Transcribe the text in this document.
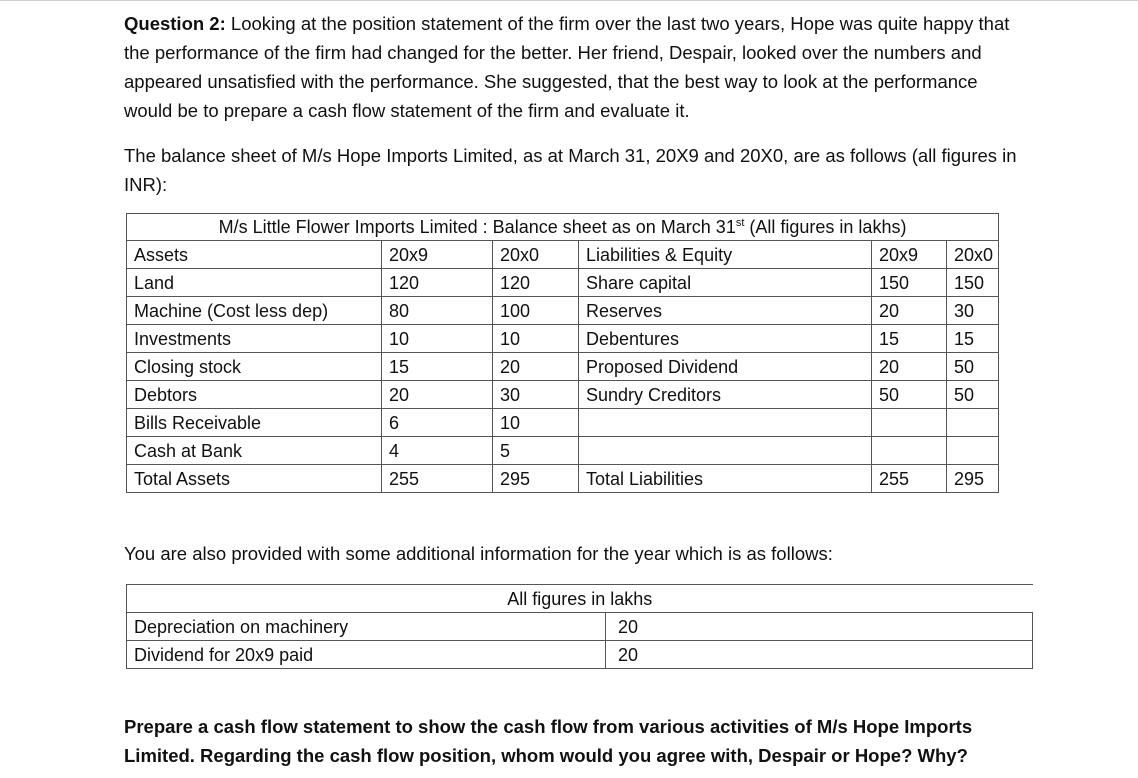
Question 2: Looking at the position statement of the firm over the last two years, Hope was quite happy that the performance of the firm had changed for the better. Her friend, Despair, looked over the numbers and appeared unsatisfied with the performance. She suggested, that the best way to look at the performance would be to prepare a cash flow statement of the firm and evaluate it.

The balance sheet of M/s Hope Imports Limited, as at March 31, 20X9 and 20X0, are as follows (all figures in INR):

M/s Little Flower Imports Limited : Balance sheet as on March 31st (All figures in lakhs)					
Assets	20x9	20x0	Liabilities & Equity	20x9	20x0
Land	120	120	Share capital	150	150
Machine (Cost less dep)	80	100	Reserves	20	30
Investments	10	10	Debentures	15	15
Closing stock	15	20	Proposed Dividend	20	50
Debtors	20	30	Sundry Creditors	50	50
Bills Receivable	6	10			
Cash at Bank	4	5			
Total Assets	255	295	Total Liabilities	255	295

You are also provided with some additional information for the year which is as follows:

All figures in lakhs	
Depreciation on machinery	20
Dividend for 20x9 paid	20

Prepare a cash flow statement to show the cash flow from various activities of M/s Hope Imports Limited. Regarding the cash flow position, whom would you agree with, Despair or Hope? Why?
